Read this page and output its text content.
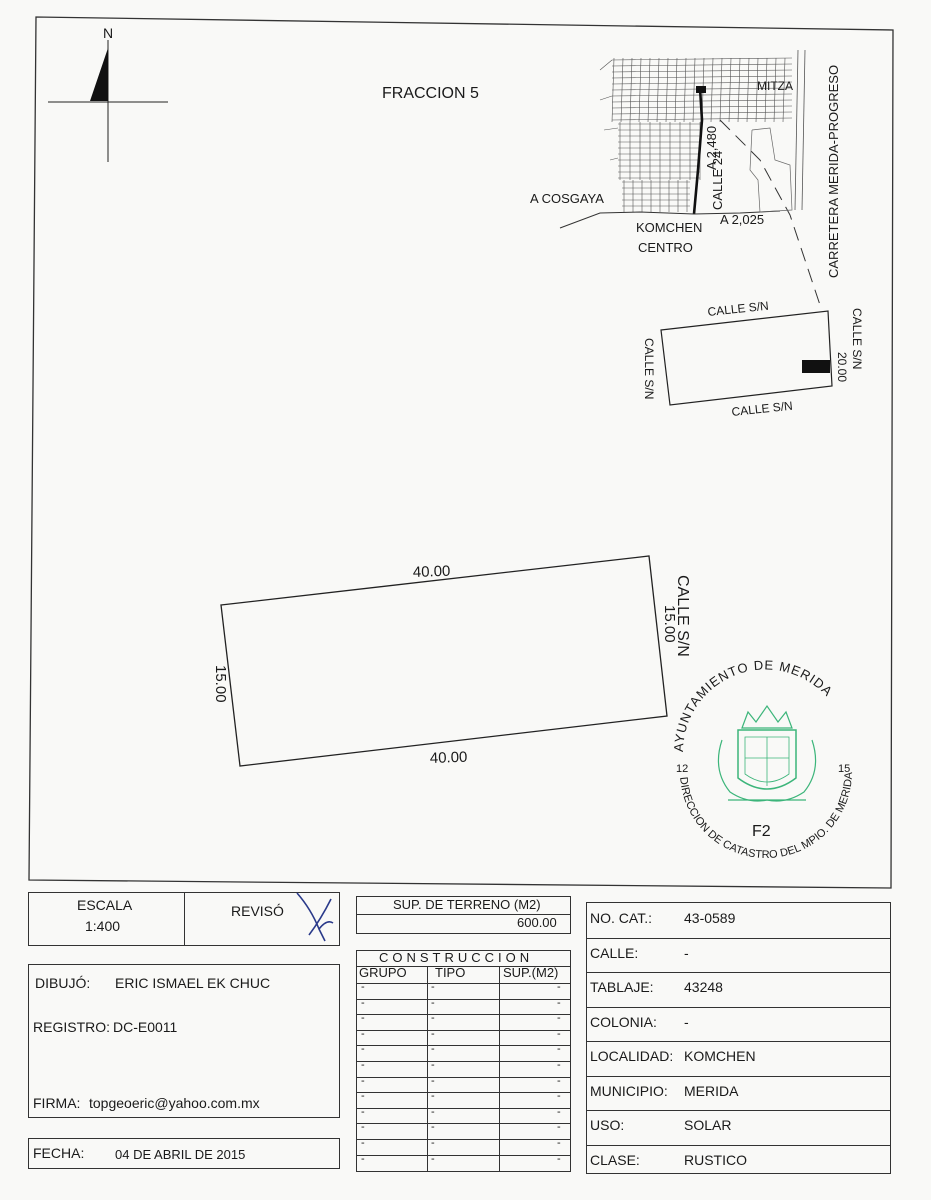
N
FRACCION 5
A COSGAYA
KOMCHEN
CENTRO
MITZA
A 2,025
A 2,480
CALLE 24	CARRETERA MERIDA-PROGRESO
CALLE S/N
CALLE S/N
CALLE S/N	CALLE S/N
20.00
40.00
40.00
15.00
15.00
CALLE S/N
AYUNTAMIENTO DE MERIDA
DIRECCION DE CATASTRO DEL MPIO. DE MERIDA
12	15
F2
ESCALA
1:400
REVISÓ
DIBUJÓ: ERIC ISMAEL EK CHUC
REGISTRO: DC-E0011
FIRMA: topgeoeric@yahoo.com.mx
FECHA: 04 DE ABRIL DE 2015
SUP. DE TERRENO (M2)
600.00
CONSTRUCCION
GRUPO TIPO	SUP.(M2)
-	-	-
-	-	-
-	-	-
-	-	-
-	-	-
-	-	-
-	-	-
-	-	-
-	-	-
-	-	-
-	-	-
-	-	-
NO. CAT.: 43-0589
CALLE:	-
TABLAJE: 43248
COLONIA: -
LOCALIDAD: KOMCHEN
MUNICIPIO: MERIDA
USO:	SOLAR
CLASE:	RUSTICO
